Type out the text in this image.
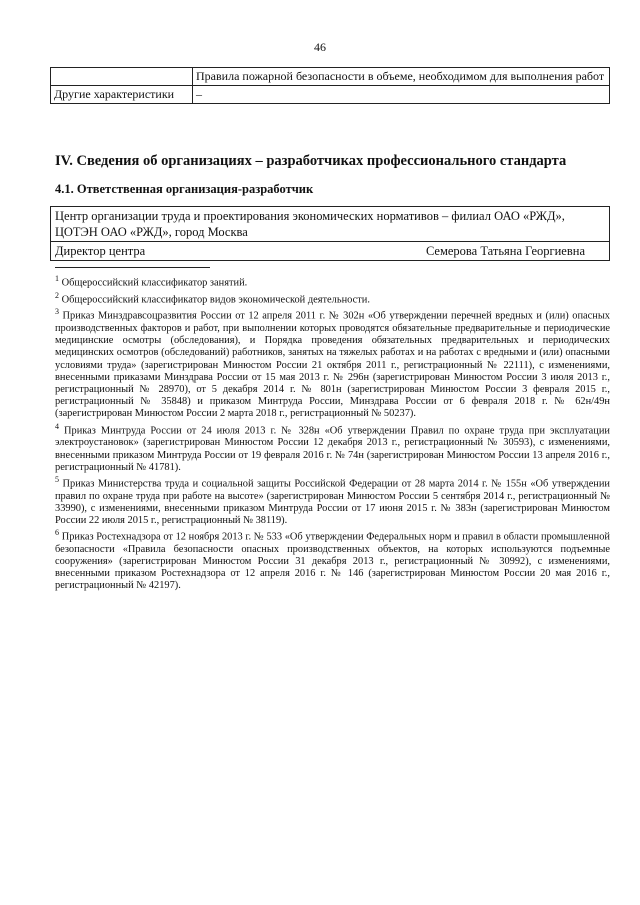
46
	Правила пожарной безопасности в объеме, необходимом для выполнения работ
Другие характеристики	–
IV. Сведения об организациях – разработчиках профессионального стандарта
4.1. Ответственная организация-разработчик
Центр организации труда и проектирования экономических нормативов – филиал ОАО «РЖД», ЦОТЭН ОАО «РЖД», город Москва
Директор центра	Семерова Татьяна Георгиевна

$^1$ Общероссийский классификатор занятий.

$^2$ Общероссийский классификатор видов экономической деятельности.

$^3$ Приказ Минздравсоцразвития России от 12 апреля 2011 г. № 302н «Об утверждении перечней вредных и (или) опасных производственных факторов и работ, при выполнении которых проводятся обязательные предварительные и периодические медицинские осмотры (обследования), и Порядка проведения обязательных предварительных и периодических медицинских осмотров (обследований) работников, занятых на тяжелых работах и на работах с вредными и (или) опасными условиями труда» (зарегистрирован Минюстом России 21 октября 2011 г., регистрационный № 22111), с изменениями, внесенными приказами Минздрава России от 15 мая 2013 г. № 296н (зарегистрирован Минюстом России 3 июля 2013 г., регистрационный № 28970), от 5 декабря 2014 г. № 801н (зарегистрирован Минюстом России 3 февраля 2015 г., регистрационный № 35848) и приказом Минтруда России, Минздрава России от 6 февраля 2018 г. № 62н/49н (зарегистрирован Минюстом России 2 марта 2018 г., регистрационный № 50237).

$^4$ Приказ Минтруда России от 24 июля 2013 г. № 328н «Об утверждении Правил по охране труда при эксплуатации электроустановок» (зарегистрирован Минюстом России 12 декабря 2013 г., регистрационный № 30593), с изменениями, внесенными приказом Минтруда России от 19 февраля 2016 г. № 74н (зарегистрирован Минюстом России 13 апреля 2016 г., регистрационный № 41781).

$^5$ Приказ Министерства труда и социальной защиты Российской Федерации от 28 марта 2014 г. № 155н «Об утверждении правил по охране труда при работе на высоте» (зарегистрирован Минюстом России 5 сентября 2014 г., регистрационный № 33990), с изменениями, внесенными приказом Минтруда России от 17 июня 2015 г. № 383н (зарегистрирован Минюстом России 22 июля 2015 г., регистрационный № 38119).

$^6$ Приказ Ростехнадзора от 12 ноября 2013 г. № 533 «Об утверждении Федеральных норм и правил в области промышленной безопасности «Правила безопасности опасных производственных объектов, на которых используются подъемные сооружения» (зарегистрирован Минюстом России 31 декабря 2013 г., регистрационный № 30992), с изменениями, внесенными приказом Ростехнадзора от 12 апреля 2016 г. № 146 (зарегистрирован Минюстом России 20 мая 2016 г., регистрационный № 42197).
